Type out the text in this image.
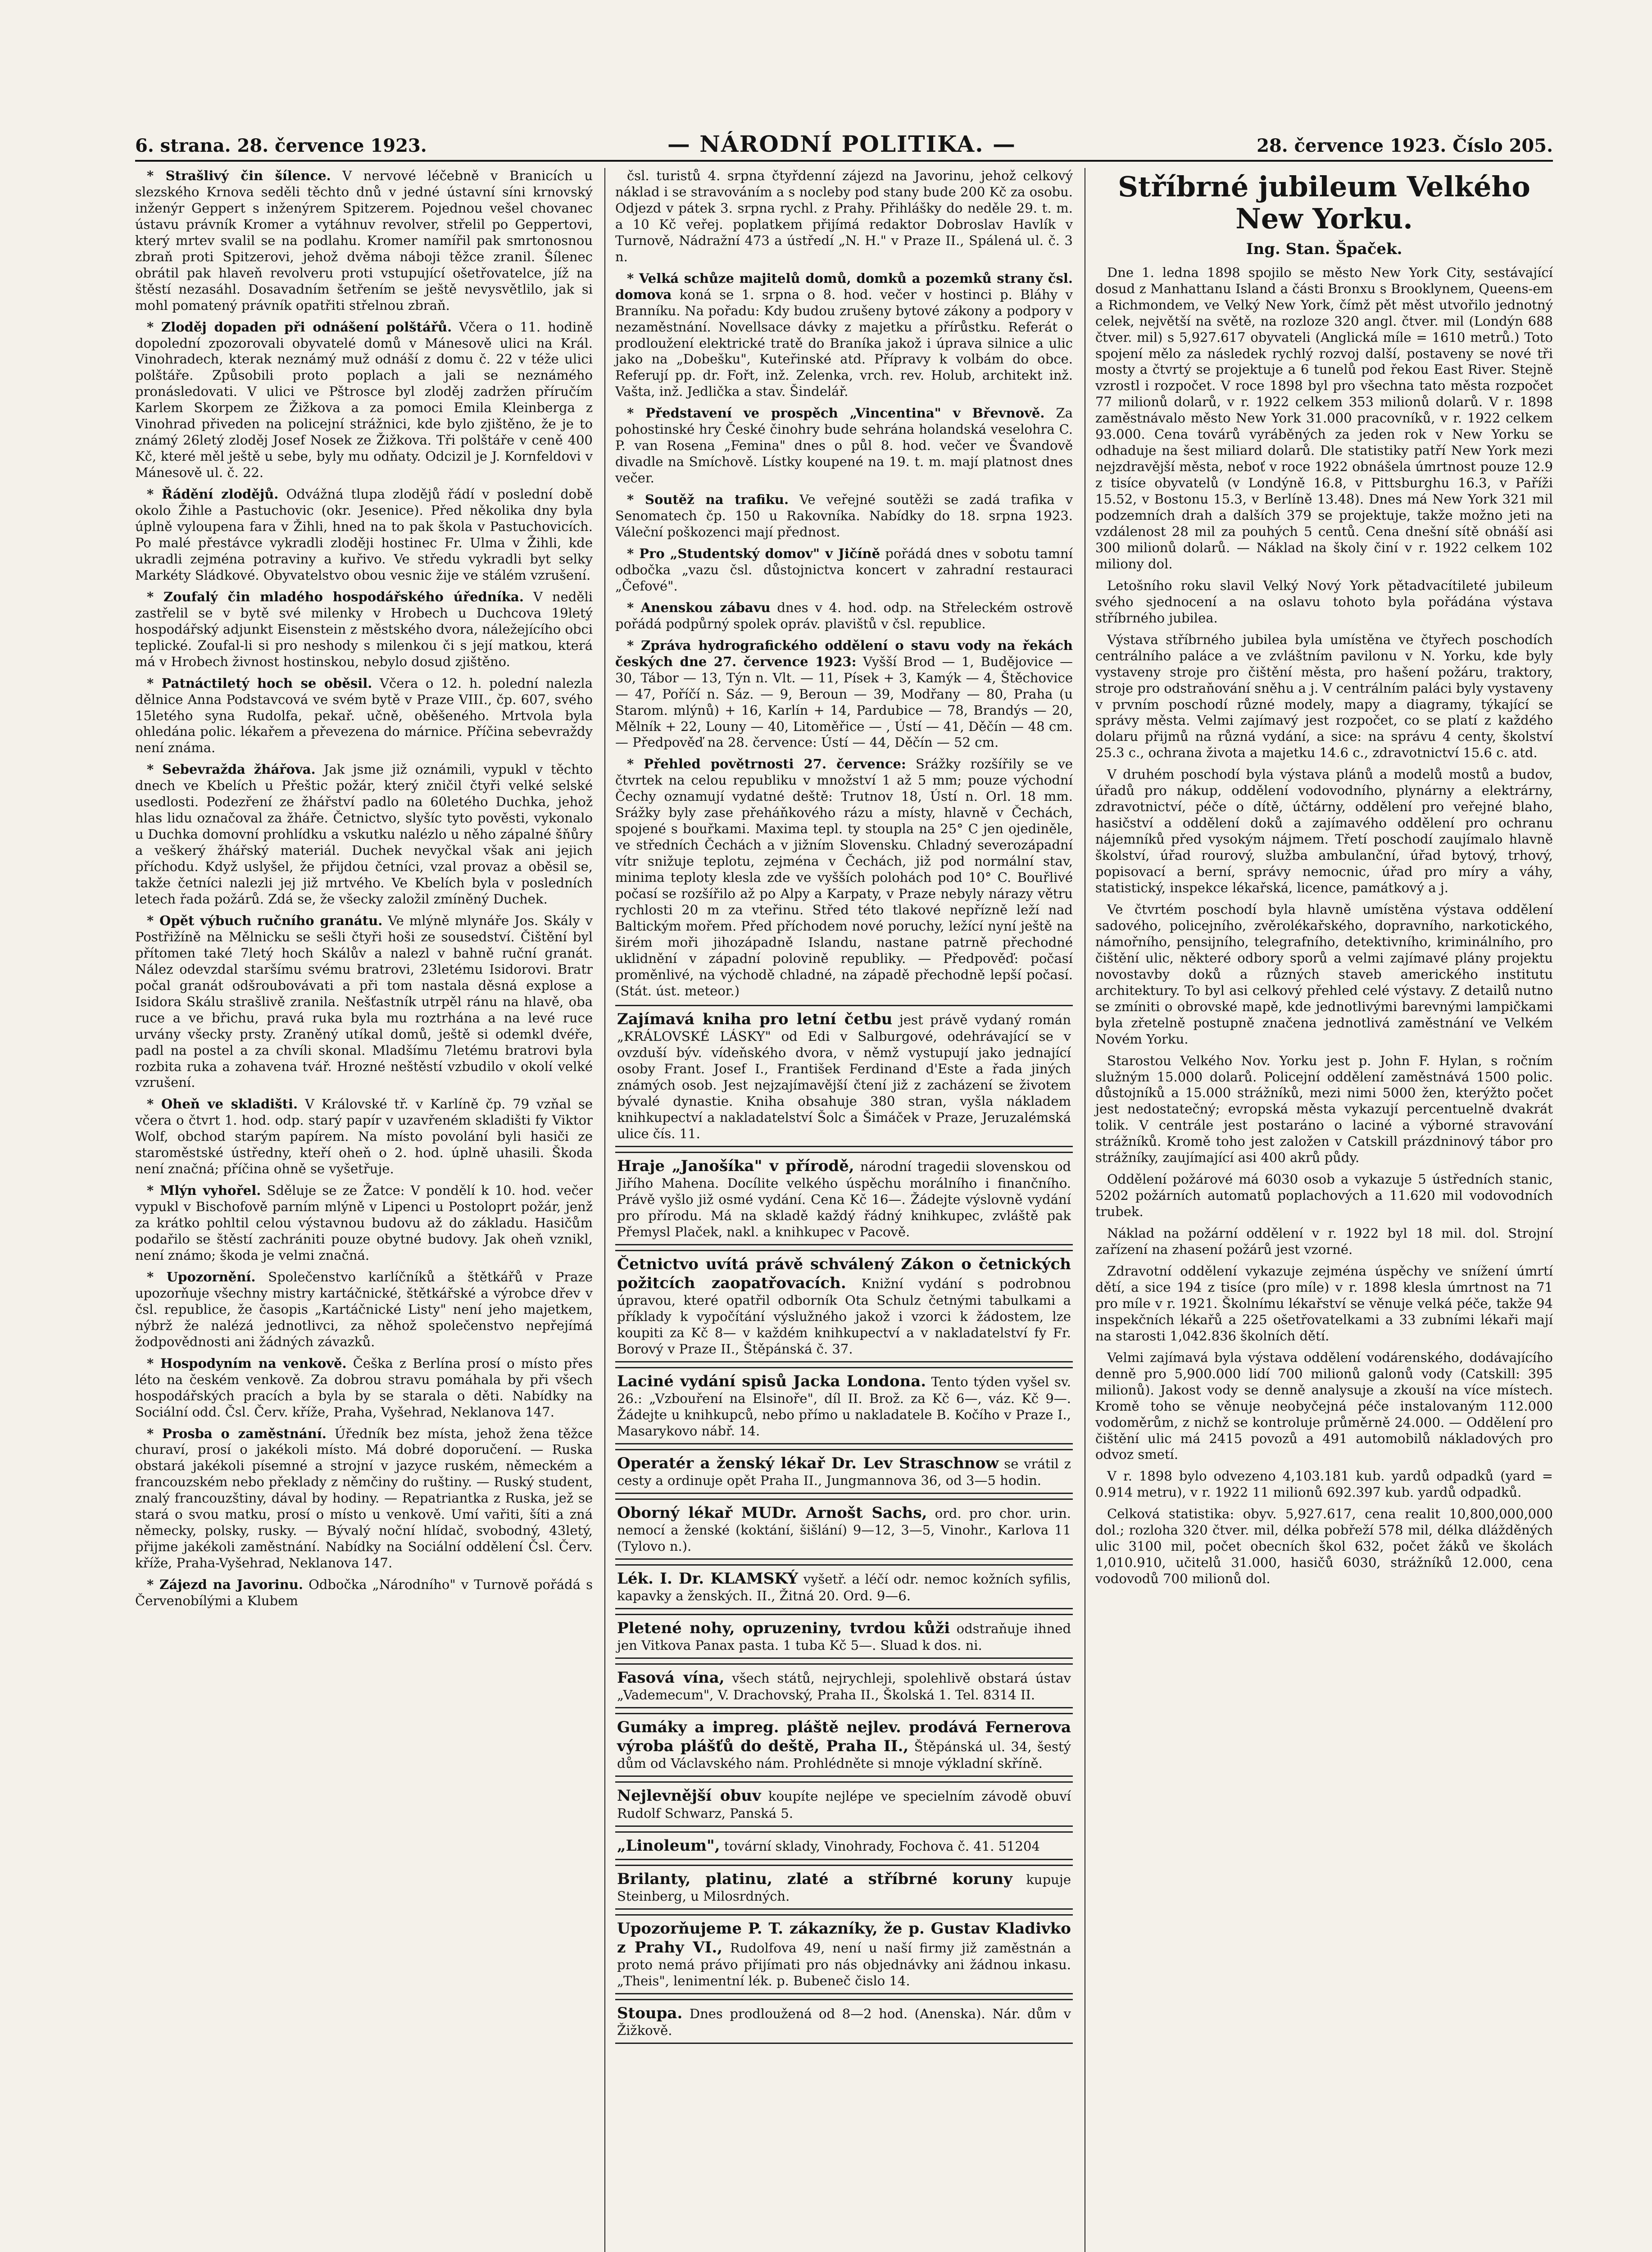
6. strana. 28. července 1923.	— NÁRODNÍ POLITIKA. —	28. července 1923. Číslo 205.

* Strašlivý čin šílence. V nervové léčebně v Branicích u slezského Krnova seděli těchto dnů v jedné ústavní síni krnovský inženýr Geppert s inženýrem Spitzerem. Pojednou vešel chovanec ústavu právník Kromer a vytáhnuv revolver, střelil po Geppertovi, který mrtev svalil se na podlahu. Kromer namířil pak smrtonosnou zbraň proti Spitzerovi, jehož dvěma náboji těžce zranil. Šílenec obrátil pak hlaveň revolveru proti vstupující ošetřovatelce, jíž na štěstí nezasáhl. Dosavadním šetřením se ještě nevysvětlilo, jak si mohl pomatený právník opatřiti střelnou zbraň.

* Zloděj dopaden při odnášení polštářů. Včera o 11. hodině dopolední zpozorovali obyvatelé domů v Mánesově ulici na Král. Vinohradech, kterak neznámý muž odnáší z domu č. 22 v téže ulici polštáře. Způsobili proto poplach a jali se neznámého pronásledovati. V ulici ve Pštrosce byl zloděj zadržen příručím Karlem Skorpem ze Žižkova a za pomoci Emila Kleinberga z Vinohrad přiveden na policejní strážnici, kde bylo zjištěno, že je to známý 26letý zloděj Josef Nosek ze Žižkova. Tři polštáře v ceně 400 Kč, které měl ještě u sebe, byly mu odňaty. Odcizil je J. Kornfeldovi v Mánesově ul. č. 22.

* Řádění zlodějů. Odvážná tlupa zlodějů řádí v poslední době okolo Žihle a Pastuchovic (okr. Jesenice). Před několika dny byla úplně vyloupena fara v Žihli, hned na to pak škola v Pastuchovicích. Po malé přestávce vykradli zloději hostinec Fr. Ulma v Žihli, kde ukradli zejména potraviny a kuřivo. Ve středu vykradli byt selky Markéty Sládkové. Obyvatelstvo obou vesnic žije ve stálém vzrušení.

* Zoufalý čin mladého hospodářského úředníka. V neděli zastřelil se v bytě své milenky v Hrobech u Duchcova 19letý hospodářský adjunkt Eisenstein z městského dvora, náležejícího obci teplické. Zoufal-li si pro neshody s milenkou či s její matkou, která má v Hrobech živnost hostinskou, nebylo dosud zjištěno.

* Patnáctiletý hoch se oběsil. Včera o 12. h. polední nalezla dělnice Anna Podstavcová ve svém bytě v Praze VIII., čp. 607, svého 15letého syna Rudolfa, pekař. učně, oběšeného. Mrtvola byla ohledána polic. lékařem a převezena do márnice. Příčina sebevraždy není známa.

* Sebevražda žhářova. Jak jsme již oznámili, vypukl v těchto dnech ve Kbelích u Přeštic požár, který zničil čtyři velké selské usedlosti. Podezření ze žhářství padlo na 60letého Duchka, jehož hlas lidu označoval za žháře. Četnictvo, slyšíc tyto pověsti, vykonalo u Duchka domovní prohlídku a vskutku nalézlo u něho zápalné šňůry a veškerý žhářský materiál. Duchek nevyčkal však ani jejich příchodu. Když uslyšel, že přijdou četníci, vzal provaz a oběsil se, takže četníci nalezli jej již mrtvého. Ve Kbelích byla v posledních letech řada požárů. Zdá se, že všecky založil zmíněný Duchek.

* Opět výbuch ručního granátu. Ve mlýně mlynáře Jos. Skály v Postřižíně na Mělnicku se sešli čtyři hoši ze sousedství. Čištění byl přítomen také 7letý hoch Skálův a nalezl v bahně ruční granát. Nález odevzdal staršímu svému bratrovi, 23letému Isidorovi. Bratr počal granát odšroubovávati a při tom nastala děsná explose a Isidora Skálu strašlivě zranila. Nešťastník utrpěl ránu na hlavě, oba ruce a ve břichu, pravá ruka byla mu roztrhána a na levé ruce urvány všecky prsty. Zraněný utíkal domů, ještě si odemkl dvéře, padl na postel a za chvíli skonal. Mladšímu 7letému bratrovi byla rozbita ruka a zohavena tvář. Hrozné neštěstí vzbudilo v okolí velké vzrušení.

* Oheň ve skladišti. V Královské tř. v Karlíně čp. 79 vzňal se včera o čtvrt 1. hod. odp. starý papír v uzavřeném skladišti fy Viktor Wolf, obchod starým papírem. Na místo povolání byli hasiči ze staroměstské ústředny, kteří oheň o 2. hod. úplně uhasili. Škoda není značná; příčina ohně se vyšetřuje.

* Mlýn vyhořel. Sděluje se ze Žatce: V pondělí k 10. hod. večer vypukl v Bischofově parním mlýně v Lipenci u Postoloprt požár, jenž za krátko pohltil celou výstavnou budovu až do základu. Hasičům podařilo se štěstí zachrániti pouze obytné budovy. Jak oheň vznikl, není známo; škoda je velmi značná.

* Upozornění. Společenstvo karlíčníků a štětkářů v Praze upozorňuje všechny mistry kartáčnické, štětkářské a výrobce dřev v čsl. republice, že časopis „Kartáčnické Listy" není jeho majetkem, nýbrž že nalézá jednotlivci, za něhož společenstvo nepřejímá žodpovědnosti ani žádných závazků.

* Hospodyním na venkově. Češka z Berlína prosí o místo přes léto na českém venkově. Za dobrou stravu pomáhala by při všech hospodářských pracích a byla by se starala o děti. Nabídky na Sociální odd. Čsl. Červ. kříže, Praha, Vyšehrad, Neklanova 147.

* Prosba o zaměstnání. Úředník bez místa, jehož žena těžce churaví, prosí o jakékoli místo. Má dobré doporučení. — Ruska obstará jakékoli písemné a strojní v jazyce ruském, německém a francouzském nebo překlady z němčiny do ruštiny. — Ruský student, znalý francouzštiny, dával by hodiny. — Repatriantka z Ruska, jež se stará o svou matku, prosí o místo u venkově. Umí vařiti, šíti a zná německy, polsky, rusky. — Bývalý noční hlídač, svobodný, 43letý, přijme jakékoli zaměstnání. Nabídky na Sociální oddělení Čsl. Červ. kříže, Praha-Vyšehrad, Neklanova 147.

* Zájezd na Javorinu. Odbočka „Národního" v Turnově pořádá s Červenobílými a Klubem

čsl. turistů 4. srpna čtyřdenní zájezd na Javorinu, jehož celkový náklad i se stravováním a s nocleby pod stany bude 200 Kč za osobu. Odjezd v pátek 3. srpna rychl. z Prahy. Přihlášky do neděle 29. t. m. a 10 Kč veřej. poplatkem přijímá redaktor Dobroslav Havlík v Turnově, Nádražní 473 a ústředí „N. H." v Praze II., Spálená ul. č. 3 n.

* Velká schůze majitelů domů, domků a pozemků strany čsl. domova koná se 1. srpna o 8. hod. večer v hostinci p. Bláhy v Branníku. Na pořadu: Kdy budou zrušeny bytové zákony a podpory v nezaměstnání. Novellsace dávky z majetku a přírůstku. Referát o prodloužení elektrické tratě do Braníka jakož i úprava silnice a ulic jako na „Dobešku", Kuteřinské atd. Přípravy k volbám do obce. Referují pp. dr. Fořt, inž. Zelenka, vrch. rev. Holub, architekt inž. Vašta, inž. Jedlička a stav. Šindelář.

* Představení ve prospěch „Vincentina" v Břevnově. Za pohostinské hry České činohry bude sehrána holandská veselohra C. P. van Rosena „Femina" dnes o půl 8. hod. večer ve Švandově divadle na Smíchově. Lístky koupené na 19. t. m. mají platnost dnes večer.

* Soutěž na trafiku. Ve veřejné soutěži se zadá trafika v Senomatech čp. 150 u Rakovníka. Nabídky do 18. srpna 1923. Váleční poškozenci mají přednost.

* Pro „Studentský domov" v Jičíně pořádá dnes v sobotu tamní odbočka „vazu čsl. důstojnictva koncert v zahradní restauraci „Čefové".

* Anenskou zábavu dnes v 4. hod. odp. na Střeleckém ostrově pořádá podpůrný spolek opráv. plavištů v čsl. republice.

* Zpráva hydrografického oddělení o stavu vody na řekách českých dne 27. července 1923: Vyšší Brod — 1, Budějovice — 30, Tábor — 13, Týn n. Vlt. — 11, Písek + 3, Kamýk — 4, Štěchovice — 47, Poříčí n. Sáz. — 9, Beroun — 39, Modřany — 80, Praha (u Starom. mlýnů) + 16, Karlín + 14, Pardubice — 78, Brandýs — 20, Mělník + 22, Louny — 40, Litoměřice — , Ústí — 41, Děčín — 48 cm. — Předpověď na 28. července: Ústí — 44, Děčín — 52 cm.

* Přehled povětrnosti 27. července: Srážky rozšířily se ve čtvrtek na celou republiku v množství 1 až 5 mm; pouze východní Čechy oznamují vydatné deště: Trutnov 18, Ústí n. Orl. 18 mm. Srážky byly zase přeháňkového rázu a místy, hlavně v Čechách, spojené s bouřkami. Maxima tepl. ty stoupla na 25° C jen ojediněle, ve středních Čechách a v jižním Slovensku. Chladný severozápadní vítr snižuje teplotu, zejména v Čechách, již pod normální stav, minima teploty klesla zde ve vyšších polohách pod 10° C. Bouřlivé počasí se rozšířilo až po Alpy a Karpaty, v Praze nebyly nárazy větru rychlosti 20 m za vteřinu. Střed této tlakové nepřízně leží nad Baltickým mořem. Před příchodem nové poruchy, ležící nyní ještě na širém moři jihozápadně Islandu, nastane patrně přechodné uklidnění v západní polovině republiky. — Předpověď: počasí proměnlivé, na východě chladné, na západě přechodně lepší počasí. (Stát. úst. meteor.)

Zajímavá kniha pro letní četbu jest právě vydaný román „KRÁLOVSKÉ LÁSKY" od Edi v Salburgové, odehrávající se v ovzduší býv. vídeňského dvora, v němž vystupují jako jednající osoby Frant. Josef I., František Ferdinand d'Este a řada jiných známých osob. Jest nejzajímavější čtení již z zacházení se životem bývalé dynastie. Kniha obsahuje 380 stran, vyšla nákladem knihkupectví a nakladatelství Šolc a Šimáček v Praze, Jeruzalémská ulice čís. 11.

Hraje „Janošíka" v přírodě, národní tragedii slovenskou od Jiřího Mahena. Docílite velkého úspěchu morálního i finančního. Právě vyšlo již osmé vydání. Cena Kč 16—. Žádejte výslovně vydání pro přírodu. Má na skladě každý řádný knihkupec, zvláště pak Přemysl Plaček, nakl. a knihkupec v Pacově.

Četnictvo uvítá právě schválený Zákon o četnických požitcích zaopatřovacích. Knižní vydání s podrobnou úpravou, které opatřil odborník Ota Schulz četnými tabulkami a příklady k vypočítání výslužného jakož i vzorci k žádostem, lze koupiti za Kč 8— v každém knihkupectví a v nakladatelství fy Fr. Borový v Praze II., Štěpánská č. 37.

Laciné vydání spisů Jacka Londona. Tento týden vyšel sv. 26.: „Vzbouření na Elsinoře", díl II. Brož. za Kč 6—, váz. Kč 9—. Žádejte u knihkupců, nebo přímo u nakladatele B. Kočího v Praze I., Masarykovo nábř. 14.

Operatér a ženský lékař Dr. Lev Straschnow se vrátil z cesty a ordinuje opět Praha II., Jungmannova 36, od 3—5 hodin.

Oborný lékař MUDr. Arnošt Sachs, ord. pro chor. urin. nemocí a ženské (koktání, šišlání) 9—12, 3—5, Vinohr., Karlova 11 (Tylovo n.).

Lék. I. Dr. KLAMSKÝ vyšetř. a léčí odr. nemoc kožních syfilis, kapavky a ženských. II., Žitná 20. Ord. 9—6.

Pletené nohy, opruzeniny, tvrdou kůži odstraňuje ihned jen Vitkova Panax pasta. 1 tuba Kč 5—. Sluad k dos. ni.

Fasová vína, všech států, nejrychleji, spolehlivě obstará ústav „Vademecum", V. Drachovský, Praha II., Školská 1. Tel. 8314 II.

Gumáky a impreg. pláště nejlev. prodává Fernerova výroba plášťů do deště, Praha II., Štěpánská ul. 34, šestý dům od Václavského nám. Prohlédněte si mnoje výkladní skříně.

Nejlevnější obuv koupíte nejlépe ve specielním závodě obuví Rudolf Schwarz, Panská 5.

„Linoleum", tovární sklady, Vinohrady, Fochova č. 41. 51204

Brilanty, platinu, zlaté a stříbrné koruny kupuje Steinberg, u Milosrdných.

Upozorňujeme P. T. zákazníky, že p. Gustav Kladivko z Prahy VI., Rudolfova 49, není u naší firmy již zaměstnán a proto nemá právo přijímati pro nás objednávky ani žádnou inkasu. „Theis", lenimentní lék. p. Bubeneč čislo 14.

Stoupa. Dnes prodloužená od 8—2 hod. (Anenska). Nár. dům v Žižkově.

Stříbrné jubileum Velkého New Yorku.
Ing. Stan. Špaček.

Dne 1. ledna 1898 spojilo se město New York City, sestávající dosud z Manhattanu Island a části Bronxu s Brooklynem, Queens-em a Richmondem, ve Velký New York, čímž pět měst utvořilo jednotný celek, největší na světě, na rozloze 320 angl. čtver. mil (Londýn 688 čtver. mil) s 5,927.617 obyvateli (Anglická míle = 1610 metrů.) Toto spojení mělo za následek rychlý rozvoj další, postaveny se nové tři mosty a čtvrtý se projektuje a 6 tunelů pod řekou East River. Stejně vzrostl i rozpočet. V roce 1898 byl pro všechna tato města rozpočet 77 milionů dolarů, v r. 1922 celkem 353 milionů dolarů. V r. 1898 zaměstnávalo město New York 31.000 pracovníků, v r. 1922 celkem 93.000. Cena továrů vyráběných za jeden rok v New Yorku se odhaduje na šest miliard dolarů. Dle statistiky patří New York mezi nejzdravější města, neboť v roce 1922 obnášela úmrtnost pouze 12.9 z tisíce obyvatelů (v Londýně 16.8, v Pittsburghu 16.3, v Paříži 15.52, v Bostonu 15.3, v Berlíně 13.48). Dnes má New York 321 mil podzemních drah a dalších 379 se projektuje, takže možno jeti na vzdálenost 28 mil za pouhých 5 centů. Cena dnešní sítě obnáší asi 300 milionů dolarů. — Náklad na školy činí v r. 1922 celkem 102 miliony dol.

Letošního roku slavil Velký Nový York pětadvacítileté jubileum svého sjednocení a na oslavu tohoto byla pořádána výstava stříbrného jubilea.

Výstava stříbrného jubilea byla umístěna ve čtyřech poschodích centrálního paláce a ve zvláštním pavilonu v N. Yorku, kde byly vystaveny stroje pro čištění města, pro hašení požáru, traktory, stroje pro odstraňování sněhu a j. V centrálním paláci byly vystaveny v prvním poschodí různé modely, mapy a diagramy, týkající se správy města. Velmi zajímavý jest rozpočet, co se platí z každého dolaru přijmů na různá vydání, a sice: na správu 4 centy, školství 25.3 c., ochrana života a majetku 14.6 c., zdravotnictví 15.6 c. atd.

V druhém poschodí byla výstava plánů a modelů mostů a budov, úřadů pro nákup, oddělení vodovodního, plynárny a elektrárny, zdravotnictví, péče o dítě, účtárny, oddělení pro veřejné blaho, hasičství a oddělení doků a zajímavého oddělení pro ochranu nájemníků před vysokým nájmem. Třetí poschodí zaujímalo hlavně školství, úřad rourový, služba ambulanční, úřad bytový, trhový, popisovací a berní, správy nemocnic, úřad pro míry a váhy, statistický, inspekce lékařská, licence, památkový a j.

Ve čtvrtém poschodí byla hlavně umístěna výstava oddělení sadového, policejního, zvěrolékařského, dopravního, narkotického, námořního, pensijního, telegrafního, detektivního, kriminálního, pro čištění ulic, některé odbory sporů a velmi zajímavé plány projektu novostavby doků a různých staveb amerického institutu architektury. To byl asi celkový přehled celé výstavy. Z detailů nutno se zmíniti o obrovské mapě, kde jednotlivými barevnými lampičkami byla zřetelně postupně značena jednotlivá zaměstnání ve Velkém Novém Yorku.

Starostou Velkého Nov. Yorku jest p. John F. Hylan, s ročním služným 15.000 dolarů. Policejní oddělení zaměstnává 1500 polic. důstojníků a 15.000 strážníků, mezi nimi 5000 žen, kterýžto počet jest nedostatečný; evropská města vykazují percentuelně dvakrát tolik. V centrále jest postaráno o laciné a výborné stravování strážníků. Kromě toho jest založen v Catskill prázdninový tábor pro strážníky, zaujímající asi 400 akrů půdy.

Oddělení požárové má 6030 osob a vykazuje 5 ústředních stanic, 5202 požárních automatů poplachových a 11.620 mil vodovodních trubek.

Náklad na požární oddělení v r. 1922 byl 18 mil. dol. Strojní zařízení na zhasení požárů jest vzorné.

Zdravotní oddělení vykazuje zejména úspěchy ve snížení úmrtí dětí, a sice 194 z tisíce (pro míle) v r. 1898 klesla úmrtnost na 71 pro míle v r. 1921. Školnímu lékařství se věnuje velká péče, takže 94 inspekčních lékařů a 225 ošetřovatelkami a 33 zubními lékaři mají na starosti 1,042.836 školních dětí.

Velmi zajímavá byla výstava oddělení vodárenského, dodávajícího denně pro 5,900.000 lidí 700 milionů galonů vody (Catskill: 395 milionů). Jakost vody se denně analysuje a zkouší na více místech. Kromě toho se věnuje neobyčejná péče instalovaným 112.000 vodoměrům, z nichž se kontroluje průměrně 24.000. — Oddělení pro čištění ulic má 2415 povozů a 491 automobilů nákladových pro odvoz smetí.

V r. 1898 bylo odvezeno 4,103.181 kub. yardů odpadků (yard = 0.914 metru), v r. 1922 11 milionů 692.397 kub. yardů odpadků.

Celková statistika: obyv. 5,927.617, cena realit 10,800,000,000 dol.; rozloha 320 čtver. mil, délka pobřeží 578 mil, délka dlážděných ulic 3100 mil, počet obecních škol 632, počet žáků ve školách 1,010.910, učitelů 31.000, hasičů 6030, strážníků 12.000, cena vodovodů 700 milionů dol.
